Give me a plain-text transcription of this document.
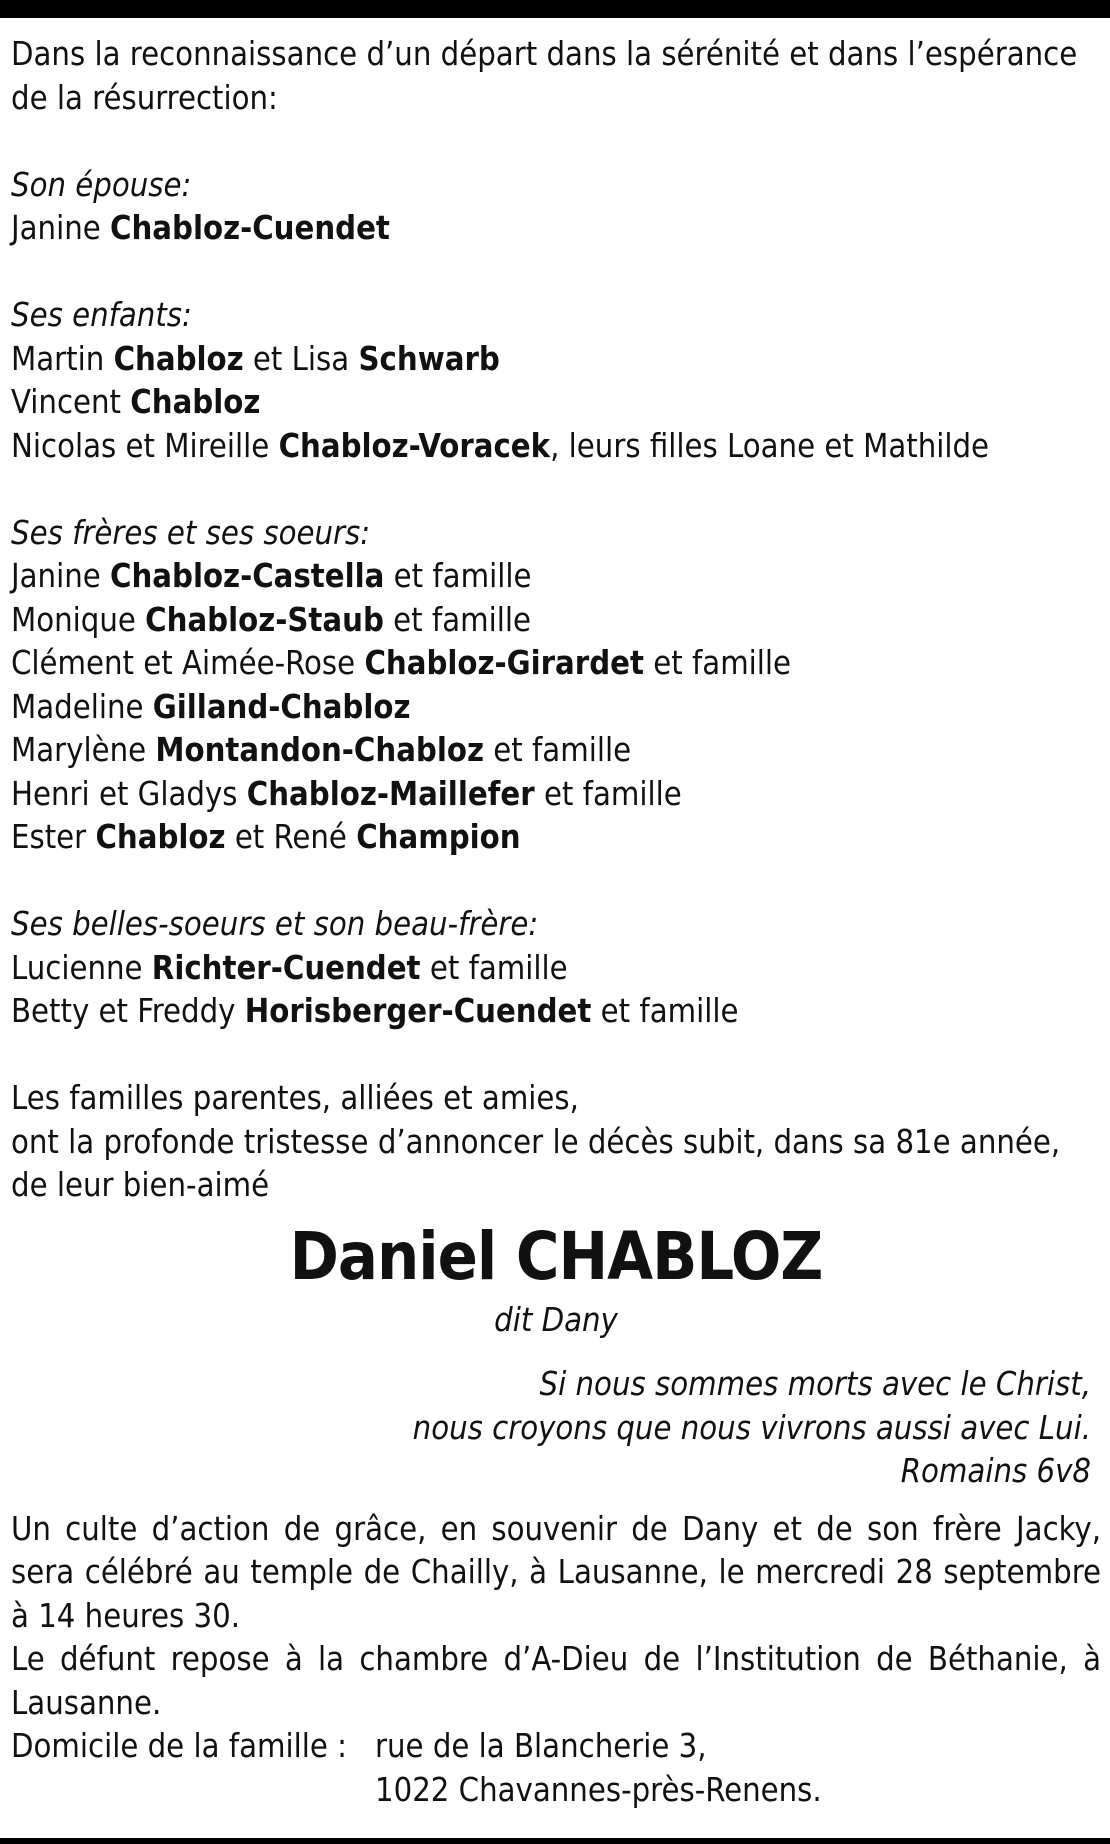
Dans la reconnaissance d’un départ dans la sérénité et dans l’espérance
de la résurrection:
Son épouse:
Janine Chabloz-Cuendet
Ses enfants:
Martin Chabloz et Lisa Schwarb
Vincent Chabloz
Nicolas et Mireille Chabloz-Voracek, leurs filles Loane et Mathilde
Ses frères et ses soeurs:
Janine Chabloz-Castella et famille
Monique Chabloz-Staub et famille
Clément et Aimée-Rose Chabloz-Girardet et famille
Madeline Gilland-Chabloz
Marylène Montandon-Chabloz et famille
Henri et Gladys Chabloz-Maillefer et famille
Ester Chabloz et René Champion
Ses belles-soeurs et son beau-frère:
Lucienne Richter-Cuendet et famille
Betty et Freddy Horisberger-Cuendet et famille
Les familles parentes, alliées et amies,
ont la profonde tristesse d’annoncer le décès subit, dans sa 81e année,
de leur bien-aimé
Daniel CHABLOZ
dit Dany
Si nous sommes morts avec le Christ,
nous croyons que nous vivrons aussi avec Lui.
Romains 6v8
Un culte d’action de grâce, en souvenir de Dany et de son frère Jacky, sera célébré au temple de Chailly, à Lausanne, le mercredi 28 septembre à 14 heures 30.
Le défunt repose à la chambre d’A-Dieu de l’Institution de Béthanie, à Lausanne.
Domicile de la famille : rue de la Blancherie 3,
1022 Chavannes-près-Renens.
